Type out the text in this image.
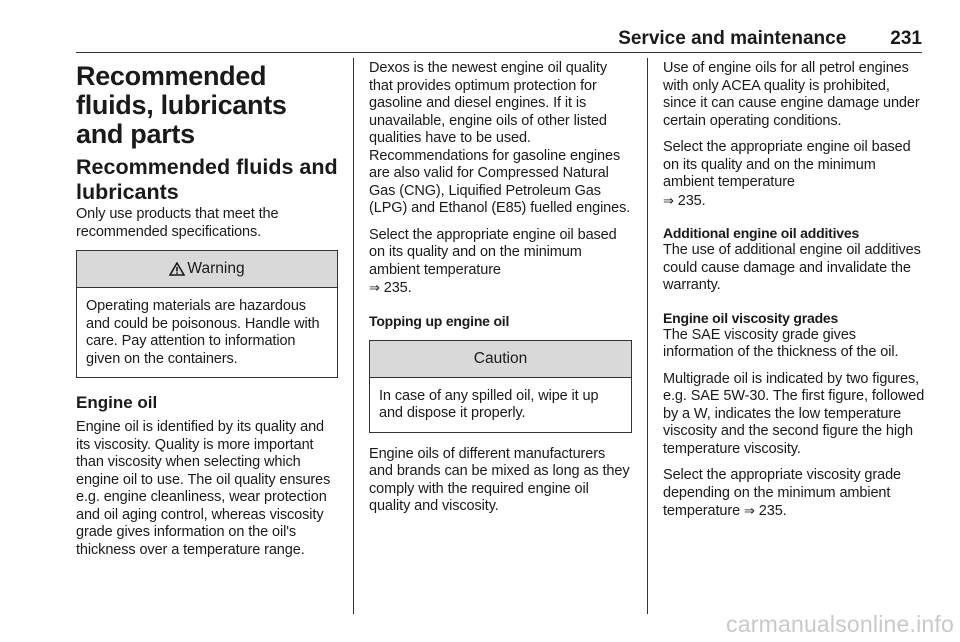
Service and maintenance 231
Recommended fluids, lubricants and parts
Recommended fluids and lubricants

Only use products that meet the recommended specifications.

Warning

Operating materials are hazardous and could be poisonous. Handle with care. Pay attention to information given on the containers.

Engine oil

Engine oil is identified by its quality and its viscosity. Quality is more important than viscosity when selecting which engine oil to use. The oil quality ensures e.g. engine cleanliness, wear protection and oil aging control, whereas viscosity grade gives information on the oil's thickness over a temperature range.

Dexos is the newest engine oil quality that provides optimum protection for gasoline and diesel engines. If it is unavailable, engine oils of other listed qualities have to be used. Recommendations for gasoline engines are also valid for Compressed Natural Gas (CNG), Liquified Petroleum Gas (LPG) and Ethanol (E85) fuelled engines.

Select the appropriate engine oil based on its quality and on the minimum ambient temperature
⇒ 235.

Topping up engine oil
Caution

In case of any spilled oil, wipe it up and dispose it properly.

Engine oils of different manufacturers and brands can be mixed as long as they comply with the required engine oil quality and viscosity.

Use of engine oils for all petrol engines with only ACEA quality is prohibited, since it can cause engine damage under certain operating conditions.

Select the appropriate engine oil based on its quality and on the minimum ambient temperature
⇒ 235.

Additional engine oil additives

The use of additional engine oil additives could cause damage and invalidate the warranty.

Engine oil viscosity grades

The SAE viscosity grade gives information of the thickness of the oil.

Multigrade oil is indicated by two figures, e.g. SAE 5W-30. The first figure, followed by a W, indicates the low temperature viscosity and the second figure the high temperature viscosity.

Select the appropriate viscosity grade depending on the minimum ambient temperature ⇒ 235.

carmanualsonline.info
